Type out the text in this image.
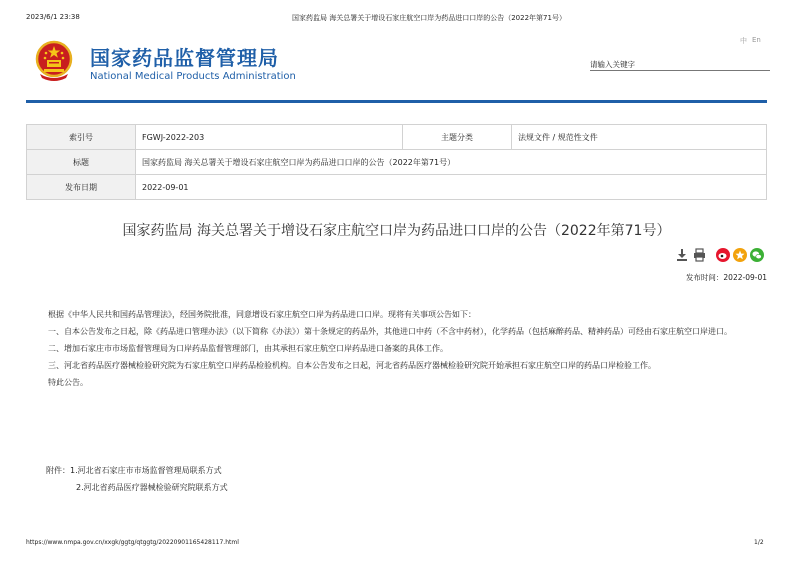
2023/6/1 23:38	国家药监局 海关总署关于增设石家庄航空口岸为药品进口口岸的公告（2022年第71号）
国家药品监督管理局
National Medical Products Administration
中 En
请输入关键字
索引号	FGWJ-2022-203	主题分类	法规文件 / 规范性文件
标题	国家药监局 海关总署关于增设石家庄航空口岸为药品进口口岸的公告（2022年第71号）		
发布日期	2022-09-01		
国家药监局 海关总署关于增设石家庄航空口岸为药品进口口岸的公告（2022年第71号）
发布时间：2022-09-01

根据《中华人民共和国药品管理法》，经国务院批准，同意增设石家庄航空口岸为药品进口口岸。现将有关事项公告如下：

一、自本公告发布之日起，除《药品进口管理办法》（以下简称《办法》）第十条规定的药品外，其他进口中药（不含中药材），化学药品（包括麻醉药品、精神药品）可经由石家庄航空口岸进口。

二、增加石家庄市市场监督管理局为口岸药品监督管理部门，由其承担石家庄航空口岸药品进口备案的具体工作。

三、河北省药品医疗器械检验研究院为石家庄航空口岸药品检验机构。自本公告发布之日起，河北省药品医疗器械检验研究院开始承担石家庄航空口岸的药品口岸检验工作。

特此公告。

附件：1.河北省石家庄市市场监督管理局联系方式
2.河北省药品医疗器械检验研究院联系方式
https://www.nmpa.gov.cn/xxgk/ggtg/qtggtg/20220901165428117.html	1/2
